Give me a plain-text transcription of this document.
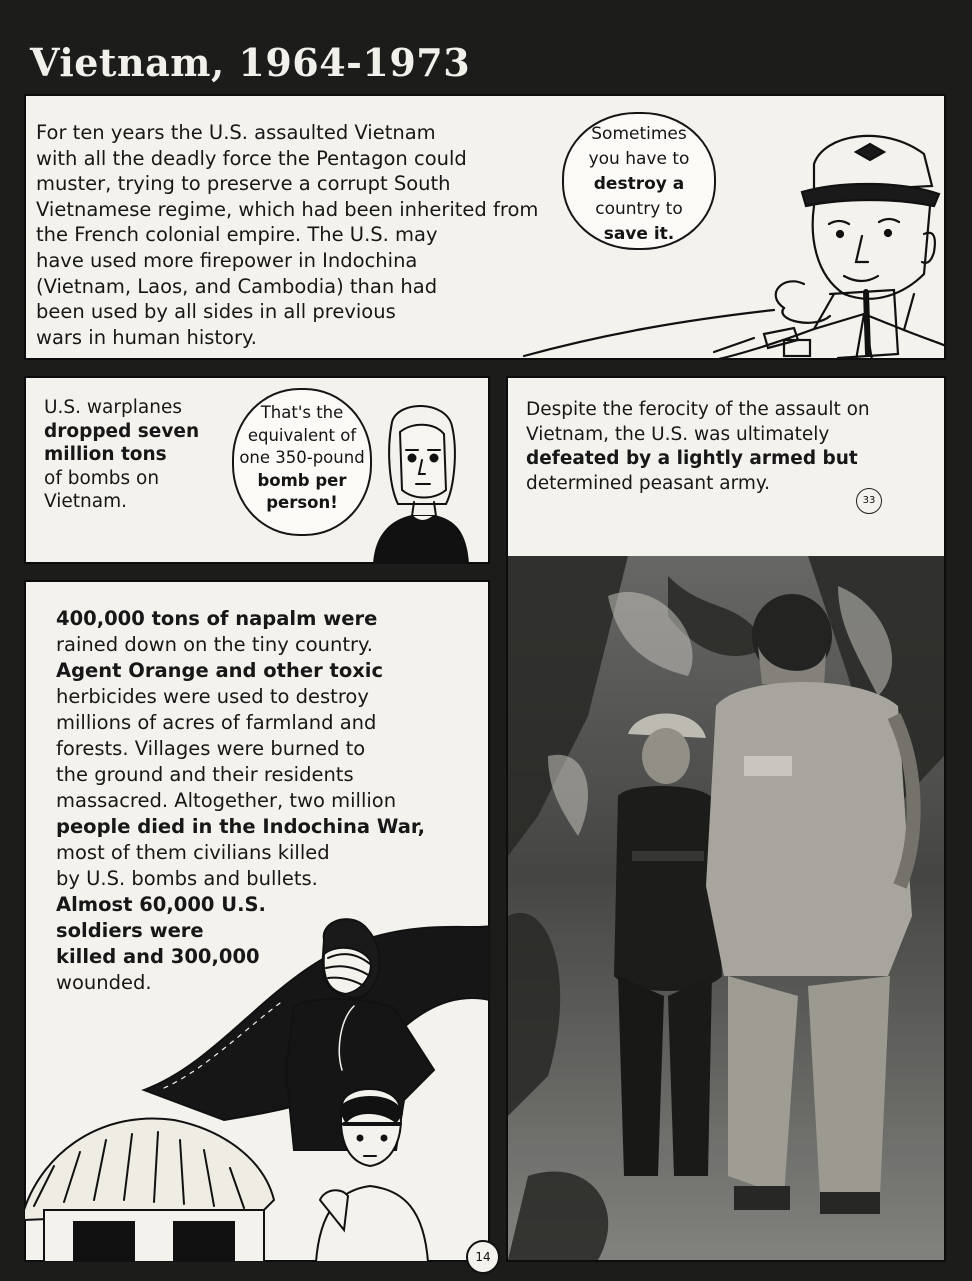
Vietnam, 1964-1973
For ten years the U.S. assaulted Vietnam
with all the deadly force the Pentagon could
muster, trying to preserve a corrupt South
Vietnamese regime, which had been inherited from
the French colonial empire. The U.S. may
have used more firepower in Indochina
(Vietnam, Laos, and Cambodia) than had
been used by all sides in all previous
wars in human history.
Sometimes
you have to
destroy a
country to
save it.
U.S. warplanes
dropped seven
million tons
of bombs on
Vietnam.
That's the
equivalent of
one 350-pound
bomb per
person!
Despite the ferocity of the assault on
Vietnam, the U.S. was ultimately
defeated by a lightly armed but
determined peasant army.
33
400,000 tons of napalm were
rained down on the tiny country.
Agent Orange and other toxic
herbicides were used to destroy
millions of acres of farmland and
forests. Villages were burned to
the ground and their residents
massacred. Altogether, two million
people died in the Indochina War,
most of them civilians killed
by U.S. bombs and bullets.
Almost 60,000 U.S.
soldiers were
killed and 300,000
wounded.
14
